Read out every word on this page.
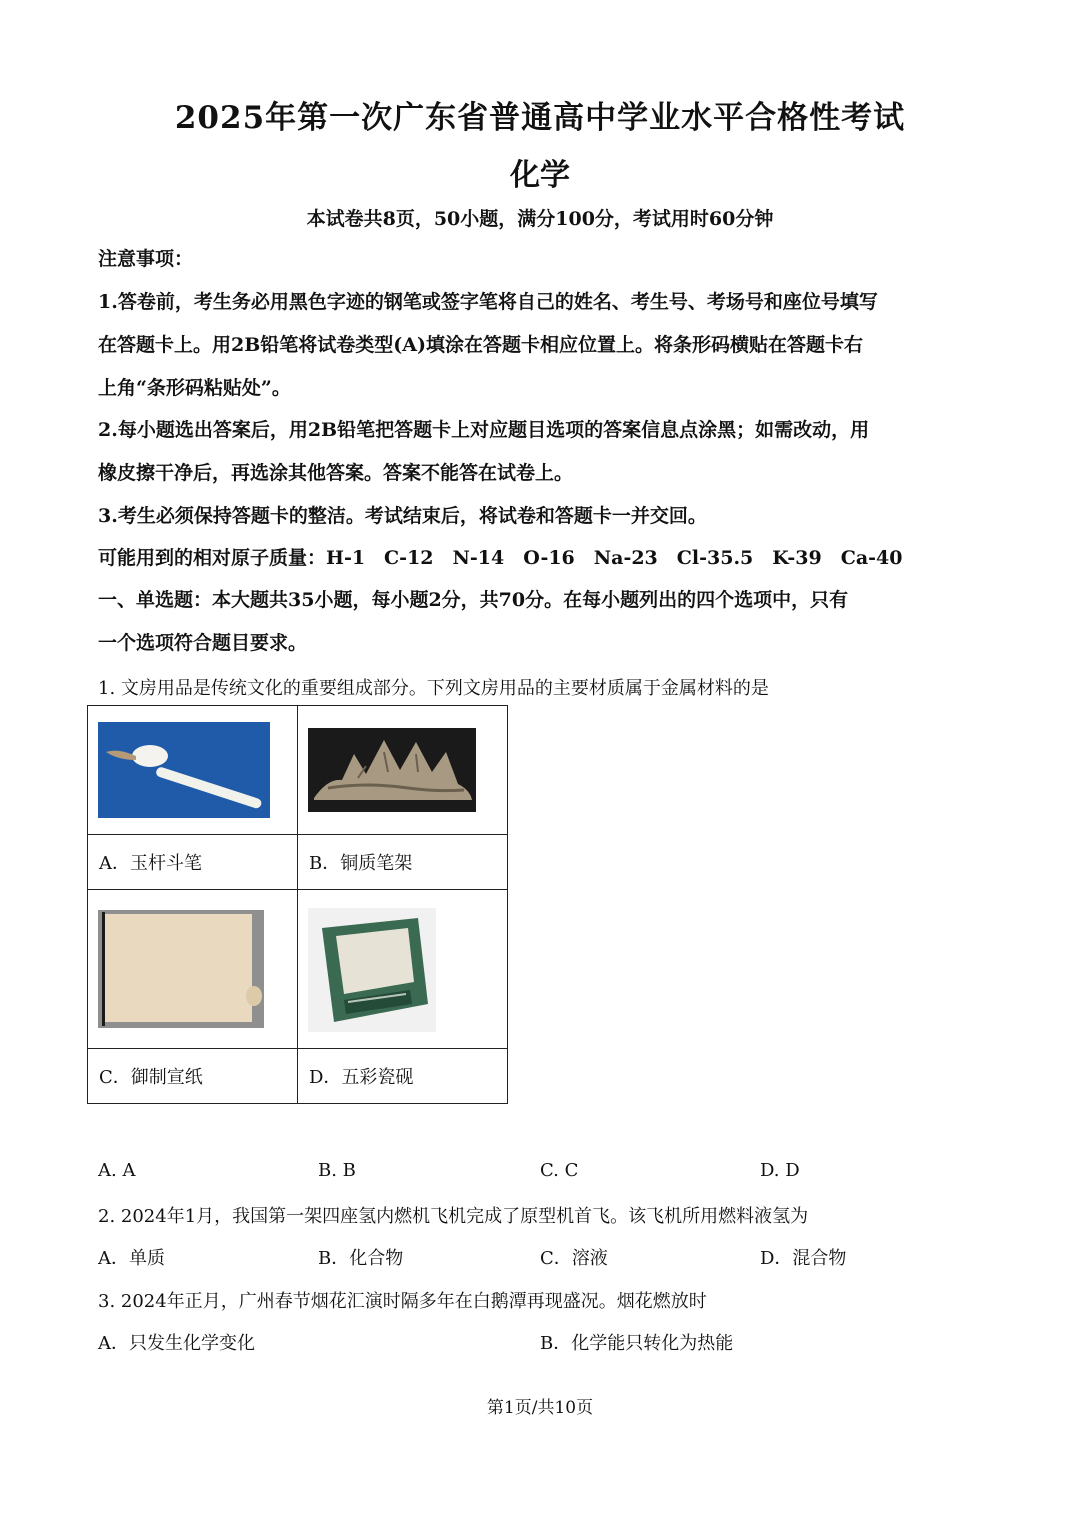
2025年第一次广东省普通高中学业水平合格性考试
化学
本试卷共8页，50小题，满分100分，考试用时60分钟
注意事项：
1.答卷前，考生务必用黑色字迹的钢笔或签字笔将自己的姓名、考生号、考场号和座位号填写
在答题卡上。用2B铅笔将试卷类型(A)填涂在答题卡相应位置上。将条形码横贴在答题卡右
上角“条形码粘贴处”。
2.每小题选出答案后，用2B铅笔把答题卡上对应题目选项的答案信息点涂黑；如需改动，用
橡皮擦干净后，再选涂其他答案。答案不能答在试卷上。
3.考生必须保持答题卡的整洁。考试结束后，将试卷和答题卡一并交回。
可能用到的相对原子质量：H-1　C-12　N-14　O-16　Na-23　Cl-35.5　K-39　Ca-40
一、单选题：本大题共35小题，每小题2分，共70分。在每小题列出的四个选项中，只有
一个选项符合题目要求。
1. 文房用品是传统文化的重要组成部分。下列文房用品的主要材质属于金属材料的是

A．玉杆斗笔	B．铜质笔架

C．御制宣纸	D．五彩瓷砚
A. A	B. B	C. C	D. D
2. 2024年1月，我国第一架四座氢内燃机飞机完成了原型机首飞。该飞机所用燃料液氢为
A．单质	B．化合物	C．溶液	D．混合物
3. 2024年正月，广州春节烟花汇演时隔多年在白鹅潭再现盛况。烟花燃放时
A．只发生化学变化	B．化学能只转化为热能
第1页/共10页
